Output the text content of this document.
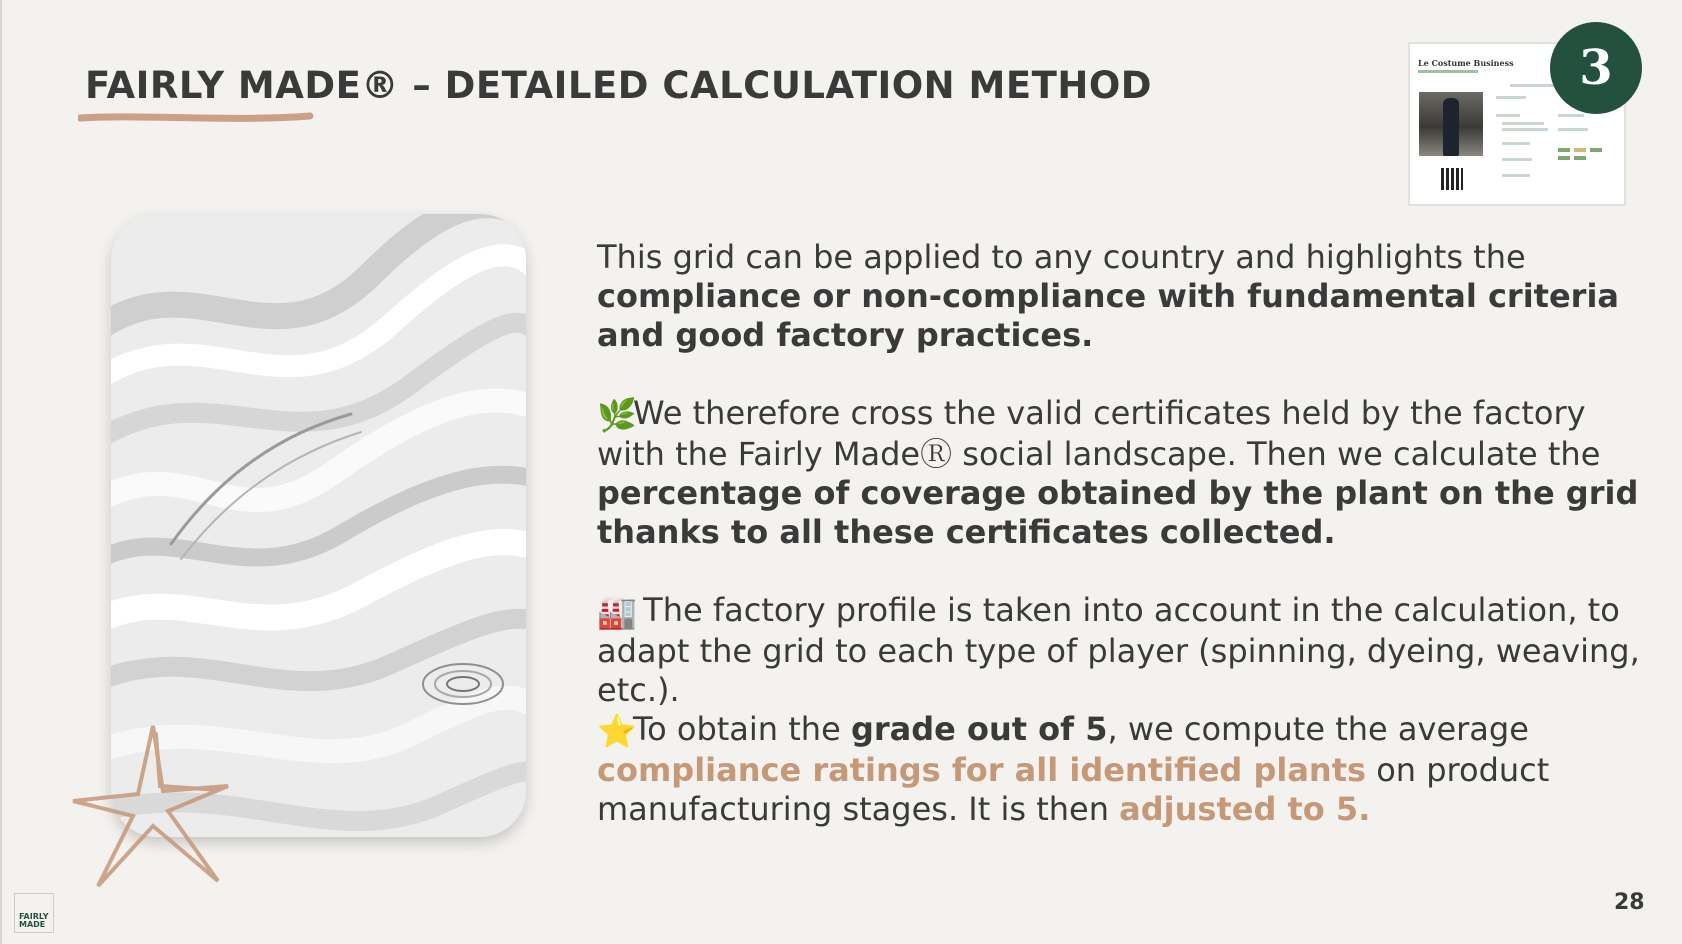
FAIRLY MADE® – DETAILED CALCULATION METHOD
Le Costume Business	3

This grid can be applied to any country and highlights the compliance or non-compliance with fundamental criteria and good factory practices.

🌿We therefore cross the valid certificates held by the factory with the Fairly MadeⓇ social landscape. Then we calculate the percentage of coverage obtained by the plant on the grid thanks to all these certificates collected.

🏭 The factory profile is taken into account in the calculation, to adapt the grid to each type of player (spinning, dyeing, weaving, etc.).

⭐To obtain the grade out of 5, we compute the average compliance ratings for all identified plants on product manufacturing stages. It is then adjusted to 5.

28
FAIRLY MADE
